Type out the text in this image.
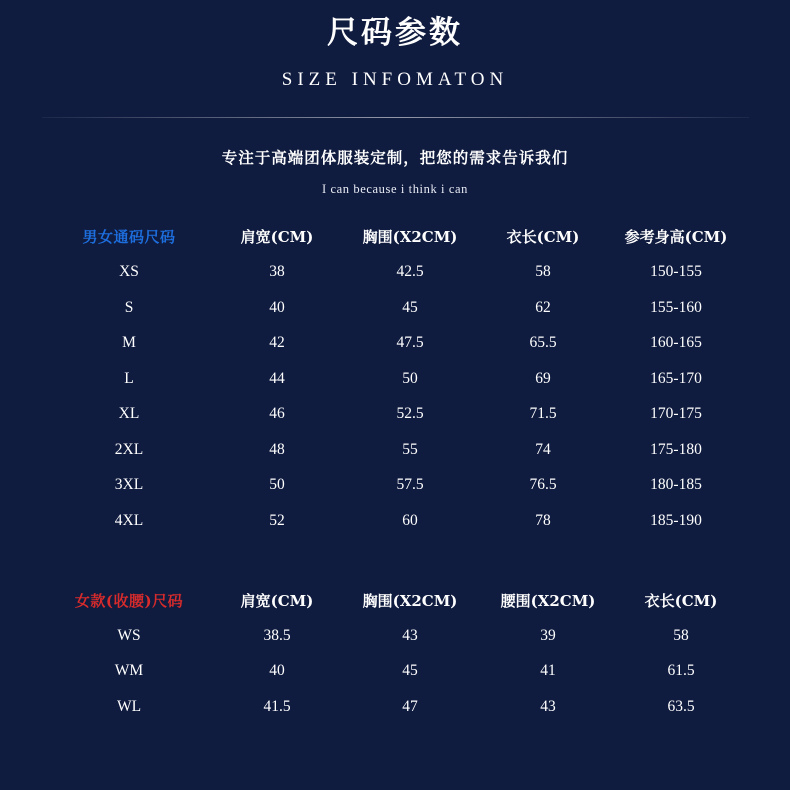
尺码参数
SIZE INFOMATON
专注于高端团体服装定制，把您的需求告诉我们
I can because i think i can
男女通码尺码	肩宽(CM)	胸围(X2CM)	衣长(CM)	参考身高(CM)
XS	38	42.5	58	150-155
S	40	45	62	155-160
M	42	47.5	65.5	160-165
L	44	50	69	165-170
XL	46	52.5	71.5	170-175
2XL	48	55	74	175-180
3XL	50	57.5	76.5	180-185
4XL	52	60	78	185-190
女款(收腰)尺码	肩宽(CM)	胸围(X2CM)	腰围(X2CM)	衣长(CM)
WS	38.5	43	39	58
WM	40	45	41	61.5
WL	41.5	47	43	63.5
